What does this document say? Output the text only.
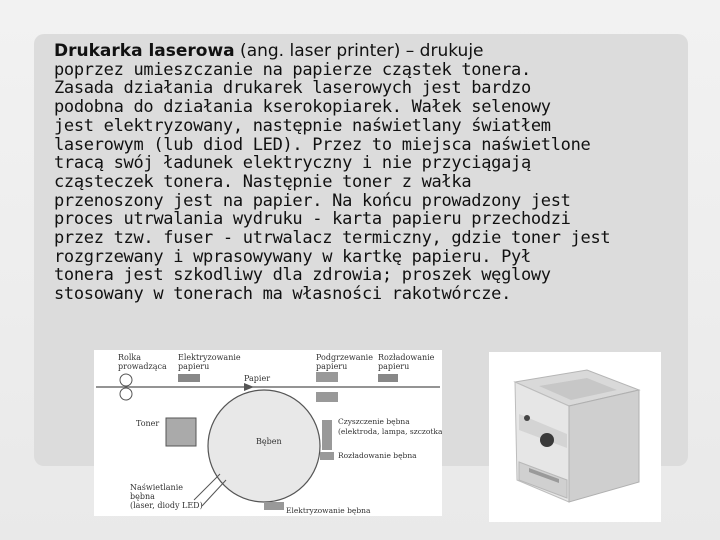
Drukarka laserowa (ang. laser printer) – drukuje
poprzez umieszczanie na papierze cząstek tonera.
Zasada działania drukarek laserowych jest bardzo
podobna do działania kserokopiarek. Wałek selenowy
jest elektryzowany, następnie naświetlany światłem
laserowym (lub diod LED). Przez to miejsca naświetlone
tracą swój ładunek elektryczny i nie przyciągają
cząsteczek tonera. Następnie toner z wałka
przenoszony jest na papier. Na końcu prowadzony jest
proces utrwalania wydruku - karta papieru przechodzi
przez tzw. fuser - utrwalacz termiczny, gdzie toner jest
rozgrzewany i wprasowywany w kartkę papieru. Pył
tonera jest szkodliwy dla zdrowia; proszek węglowy
stosowany w tonerach ma własności rakotwórcze.
Rolka
prowadząca
Elektryzowanie
papieru
Papier
Podgrzewanie
papieru
Rozładowanie
papieru
Toner
Bęben
Czyszczenie bębna
(elektroda, lampa, szczotka)
Rozładowanie bębna
Naświetlanie
bębna
(laser, diody LED)
Elektryzowanie bębna
